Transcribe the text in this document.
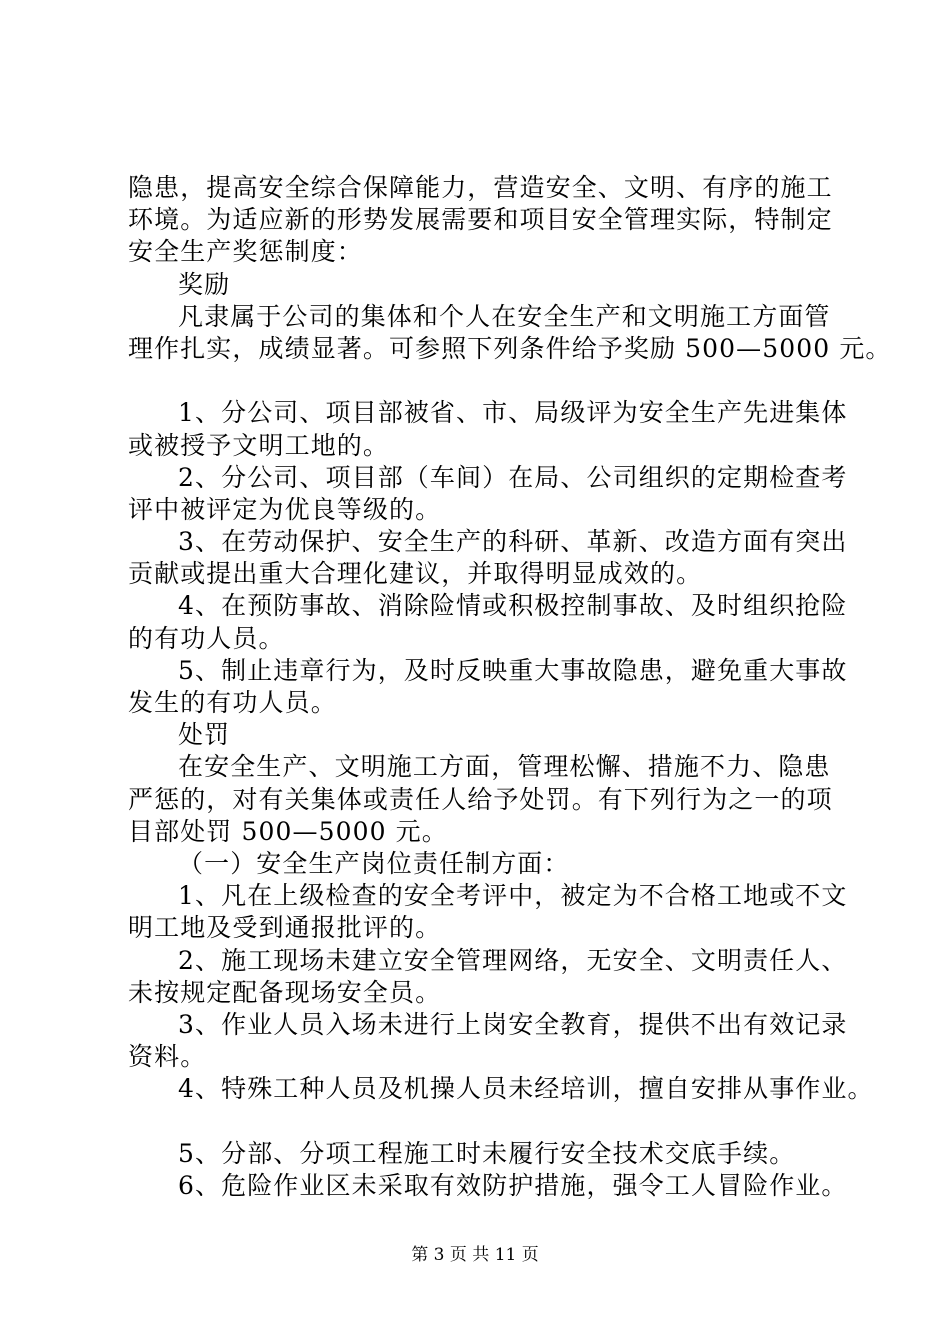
隐患，提高安全综合保障能力，营造安全、文明、有序的施工
环境。为适应新的形势发展需要和项目安全管理实际，特制定
安全生产奖惩制度：
奖励
凡隶属于公司的集体和个人在安全生产和文明施工方面管
理作扎实，成绩显著。可参照下列条件给予奖励 500—5000 元。
1、分公司、项目部被省、市、局级评为安全生产先进集体
或被授予文明工地的。
2、分公司、项目部（车间）在局、公司组织的定期检查考
评中被评定为优良等级的。
3、在劳动保护、安全生产的科研、革新、改造方面有突出
贡献或提出重大合理化建议，并取得明显成效的。
4、在预防事故、消除险情或积极控制事故、及时组织抢险
的有功人员。
5、制止违章行为，及时反映重大事故隐患，避免重大事故
发生的有功人员。
处罚
在安全生产、文明施工方面，管理松懈、措施不力、隐患
严惩的，对有关集体或责任人给予处罚。有下列行为之一的项
目部处罚 500—5000 元。
（一）安全生产岗位责任制方面：
1、凡在上级检查的安全考评中，被定为不合格工地或不文
明工地及受到通报批评的。
2、施工现场未建立安全管理网络，无安全、文明责任人、
未按规定配备现场安全员。
3、作业人员入场未进行上岗安全教育，提供不出有效记录
资料。
4、特殊工种人员及机操人员未经培训，擅自安排从事作业。
5、分部、分项工程施工时未履行安全技术交底手续。
6、危险作业区未采取有效防护措施，强令工人冒险作业。
第 3 页 共 11 页
